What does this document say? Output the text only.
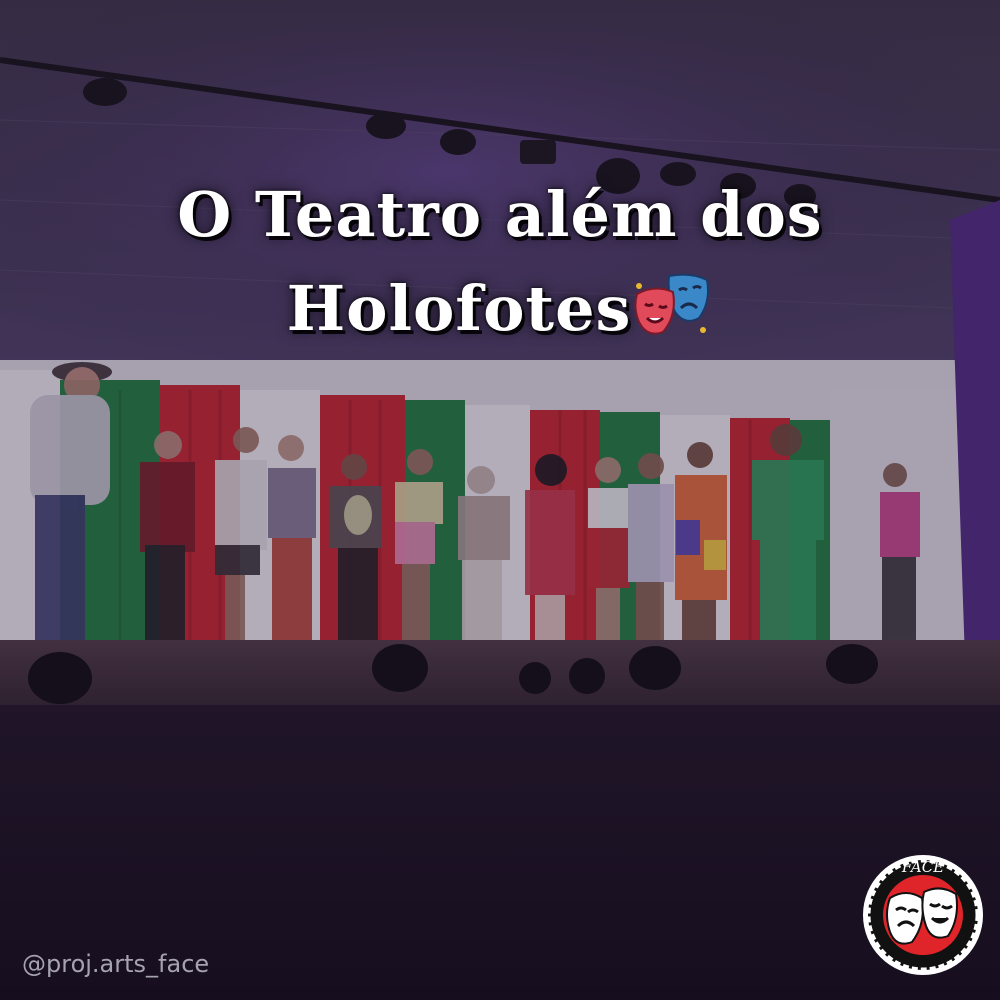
O Teatro além dos
Holofotes
@proj.arts_face
FACE
